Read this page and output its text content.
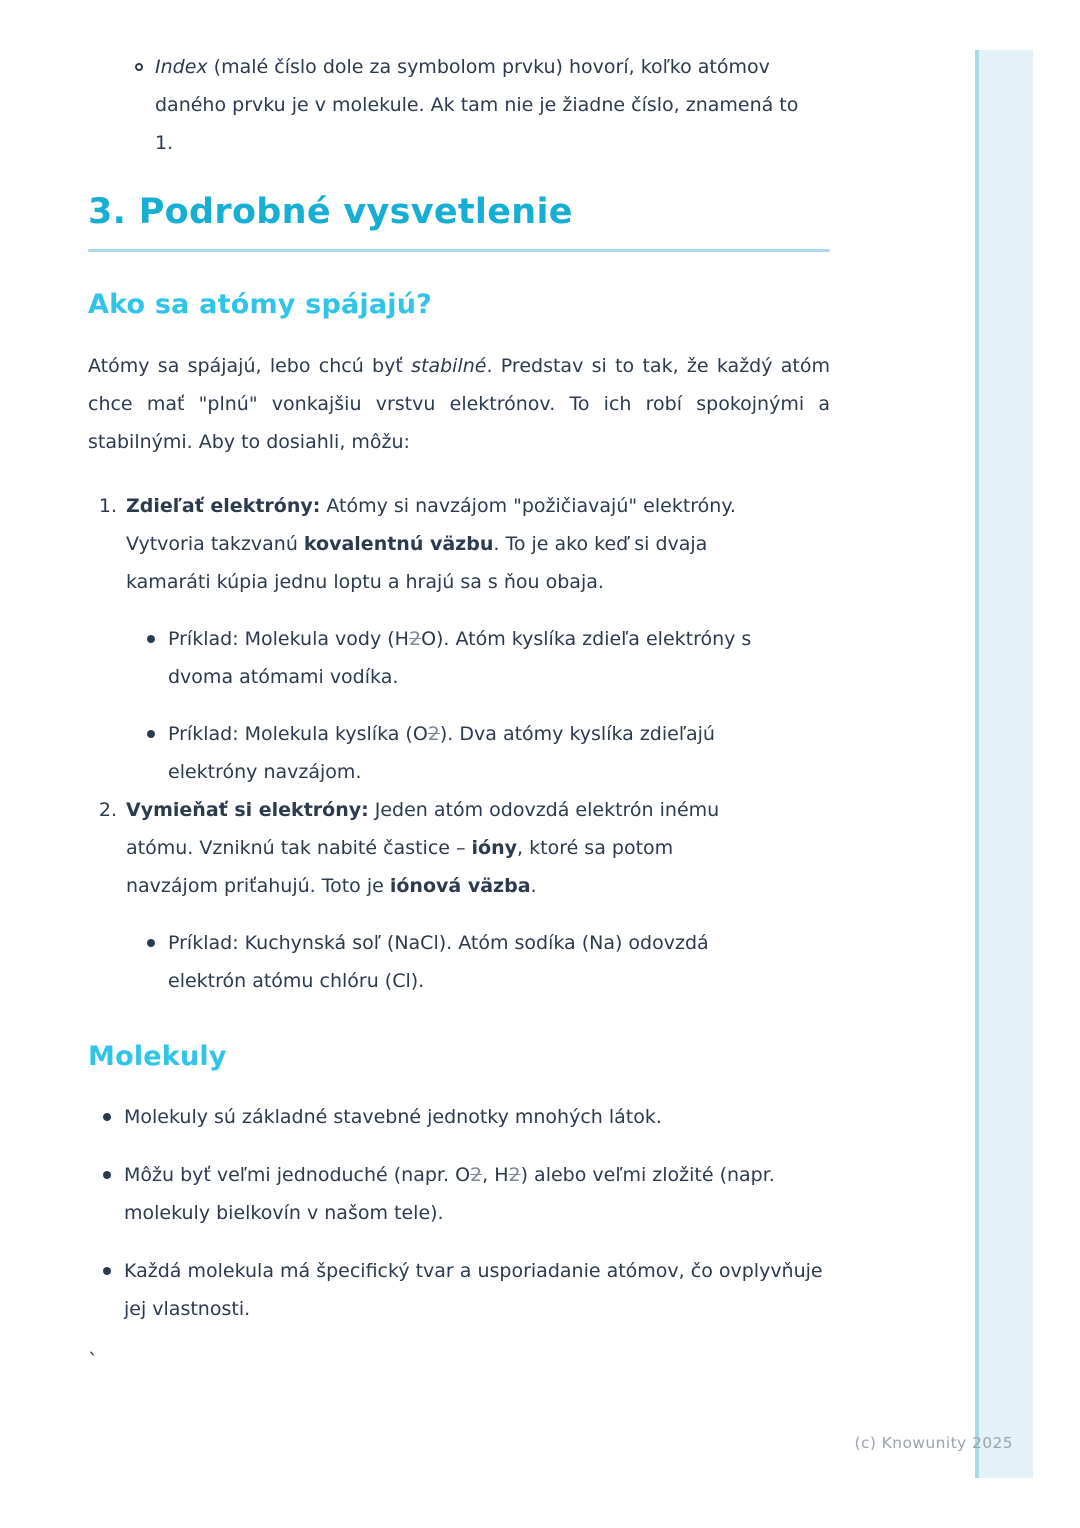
Index (malé číslo dole za symbolom prvku) hovorí, koľko atómov daného prvku je v molekule. Ak tam nie je žiadne číslo, znamená to 1.
3. Podrobné vysvetlenie
Ako sa atómy spájajú?
Atómy sa spájajú, lebo chcú byť stabilné. Predstav si to tak, že každý atóm chce mať "plnú" vonkajšiu vrstvu elektrónov. To ich robí spokojnými a stabilnými. Aby to dosiahli, môžu:
1. Zdieľať elektróny: Atómy si navzájom "požičiavajú" elektróny. Vytvoria takzvanú kovalentnú väzbu. To je ako keď si dvaja kamaráti kúpia jednu loptu a hrajú sa s ňou obaja.
Príklad: Molekula vody (H2O). Atóm kyslíka zdieľa elektróny s dvoma atómami vodíka.
Príklad: Molekula kyslíka (O2). Dva atómy kyslíka zdieľajú elektróny navzájom.
2. Vymieňať si elektróny: Jeden atóm odovzdá elektrón inému atómu. Vzniknú tak nabité častice – ióny, ktoré sa potom navzájom priťahujú. Toto je iónová väzba.
Príklad: Kuchynská soľ (NaCl). Atóm sodíka (Na) odovzdá elektrón atómu chlóru (Cl).
Molekuly
Molekuly sú základné stavebné jednotky mnohých látok.
Môžu byť veľmi jednoduché (napr. O2, H2) alebo veľmi zložité (napr. molekuly bielkovín v našom tele).
Každá molekula má špecifický tvar a usporiadanie atómov, čo ovplyvňuje jej vlastnosti.
`
(c) Knowunity 2025
